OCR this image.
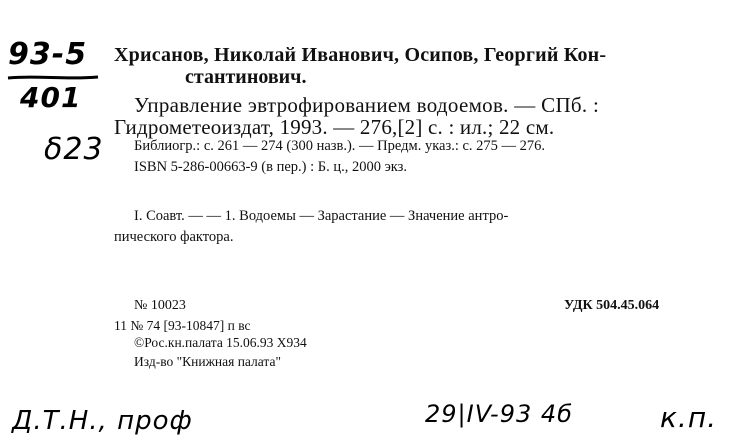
93-5
401
δ23
Хрисанов, Николай Иванович, Осипов, Георгий Кон-
стантинович.
Управление эвтрофированием водоемов. — СПб. :
Гидрометеоиздат, 1993. — 276,[2] с. : ил.; 22 см.
Библиогр.: с. 261 — 274 (300 назв.). — Предм. указ.: с. 275 — 276.
ISBN 5-286-00663-9 (в пер.) : Б. ц., 2000 экз.
I. Соавт. — — 1. Водоемы — Зарастание — Значение антро-
пического фактора.
№ 10023	УДК 504.45.064
11 № 74 [93-10847] п вс
©Рос.кн.палата 15.06.93 Х934
Изд-во "Книжная палата"
Д.Т.Н., проф	29|IV-93 4б	к.п.
